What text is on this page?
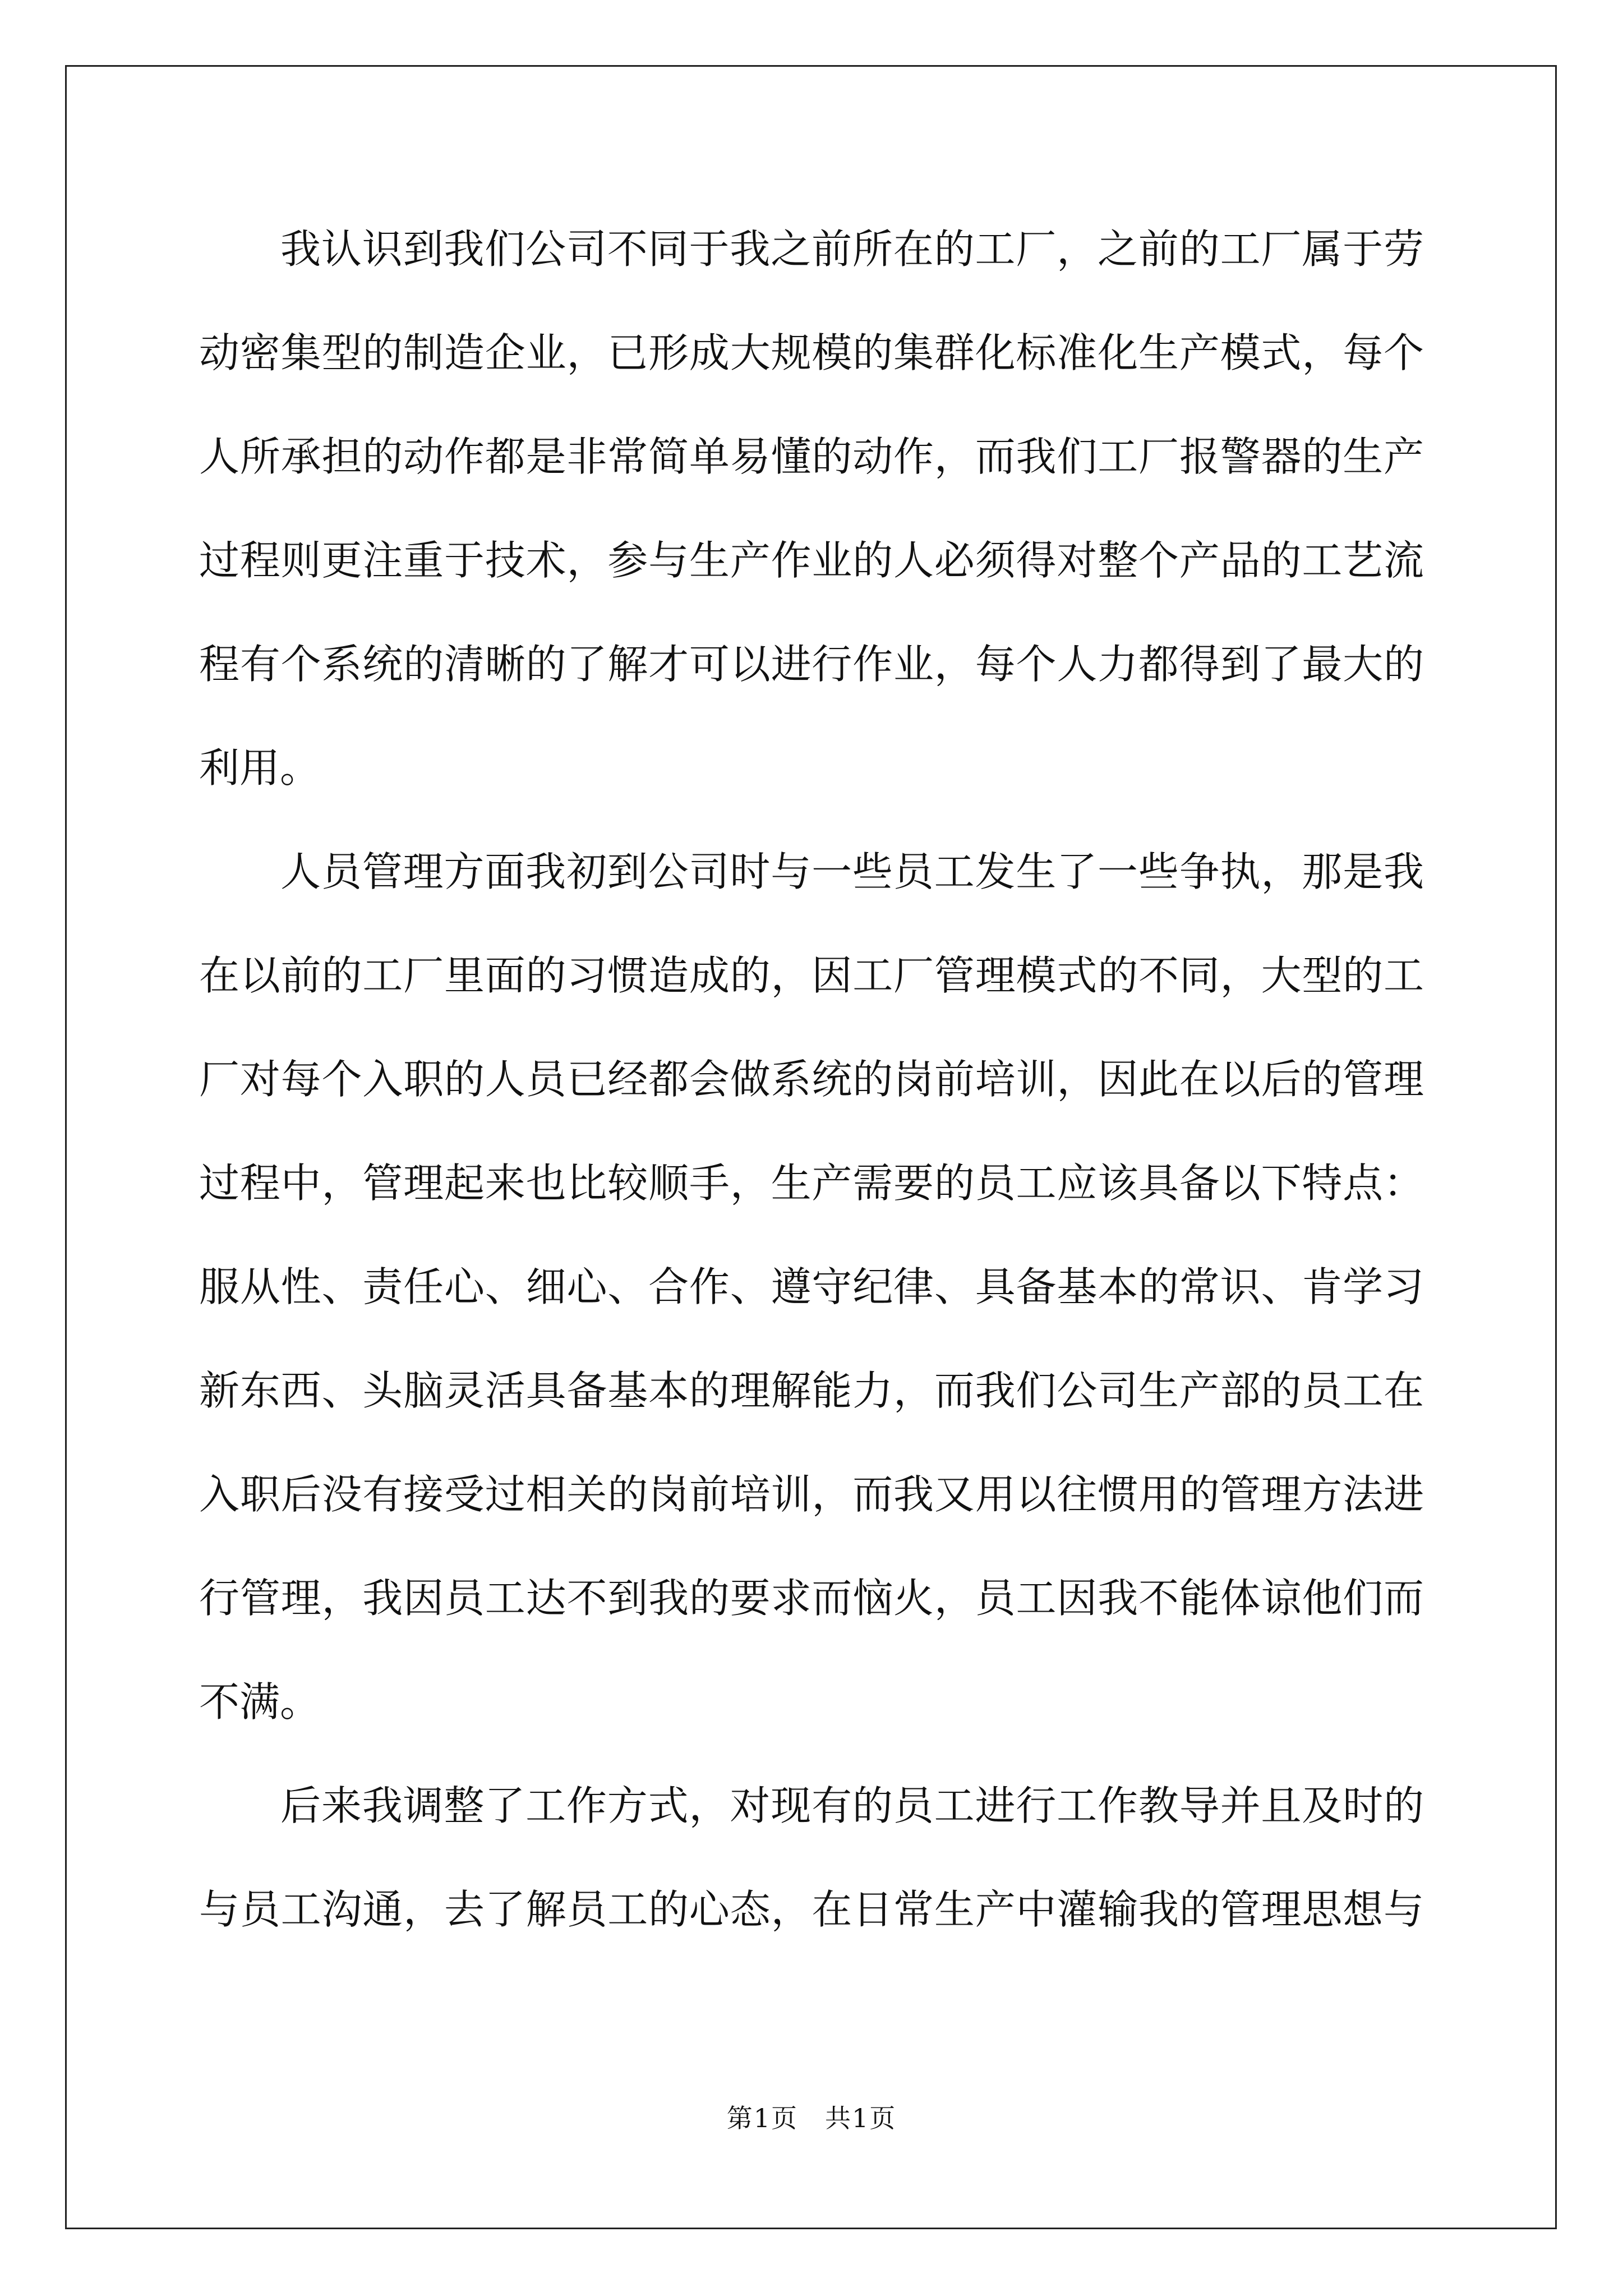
我认识到我们公司不同于我之前所在的工厂，之前的工厂属于劳
动密集型的制造企业，已形成大规模的集群化标准化生产模式，每个
人所承担的动作都是非常简单易懂的动作，而我们工厂报警器的生产
过程则更注重于技术，参与生产作业的人必须得对整个产品的工艺流
程有个系统的清晰的了解才可以进行作业，每个人力都得到了最大的
利用。
人员管理方面我初到公司时与一些员工发生了一些争执，那是我
在以前的工厂里面的习惯造成的，因工厂管理模式的不同，大型的工
厂对每个入职的人员已经都会做系统的岗前培训，因此在以后的管理
过程中，管理起来也比较顺手，生产需要的员工应该具备以下特点：
服从性、责任心、细心、合作、遵守纪律、具备基本的常识、肯学习
新东西、头脑灵活具备基本的理解能力，而我们公司生产部的员工在
入职后没有接受过相关的岗前培训，而我又用以往惯用的管理方法进
行管理，我因员工达不到我的要求而恼火，员工因我不能体谅他们而
不满。
后来我调整了工作方式，对现有的员工进行工作教导并且及时的
与员工沟通，去了解员工的心态，在日常生产中灌输我的管理思想与
第1页　共1页
